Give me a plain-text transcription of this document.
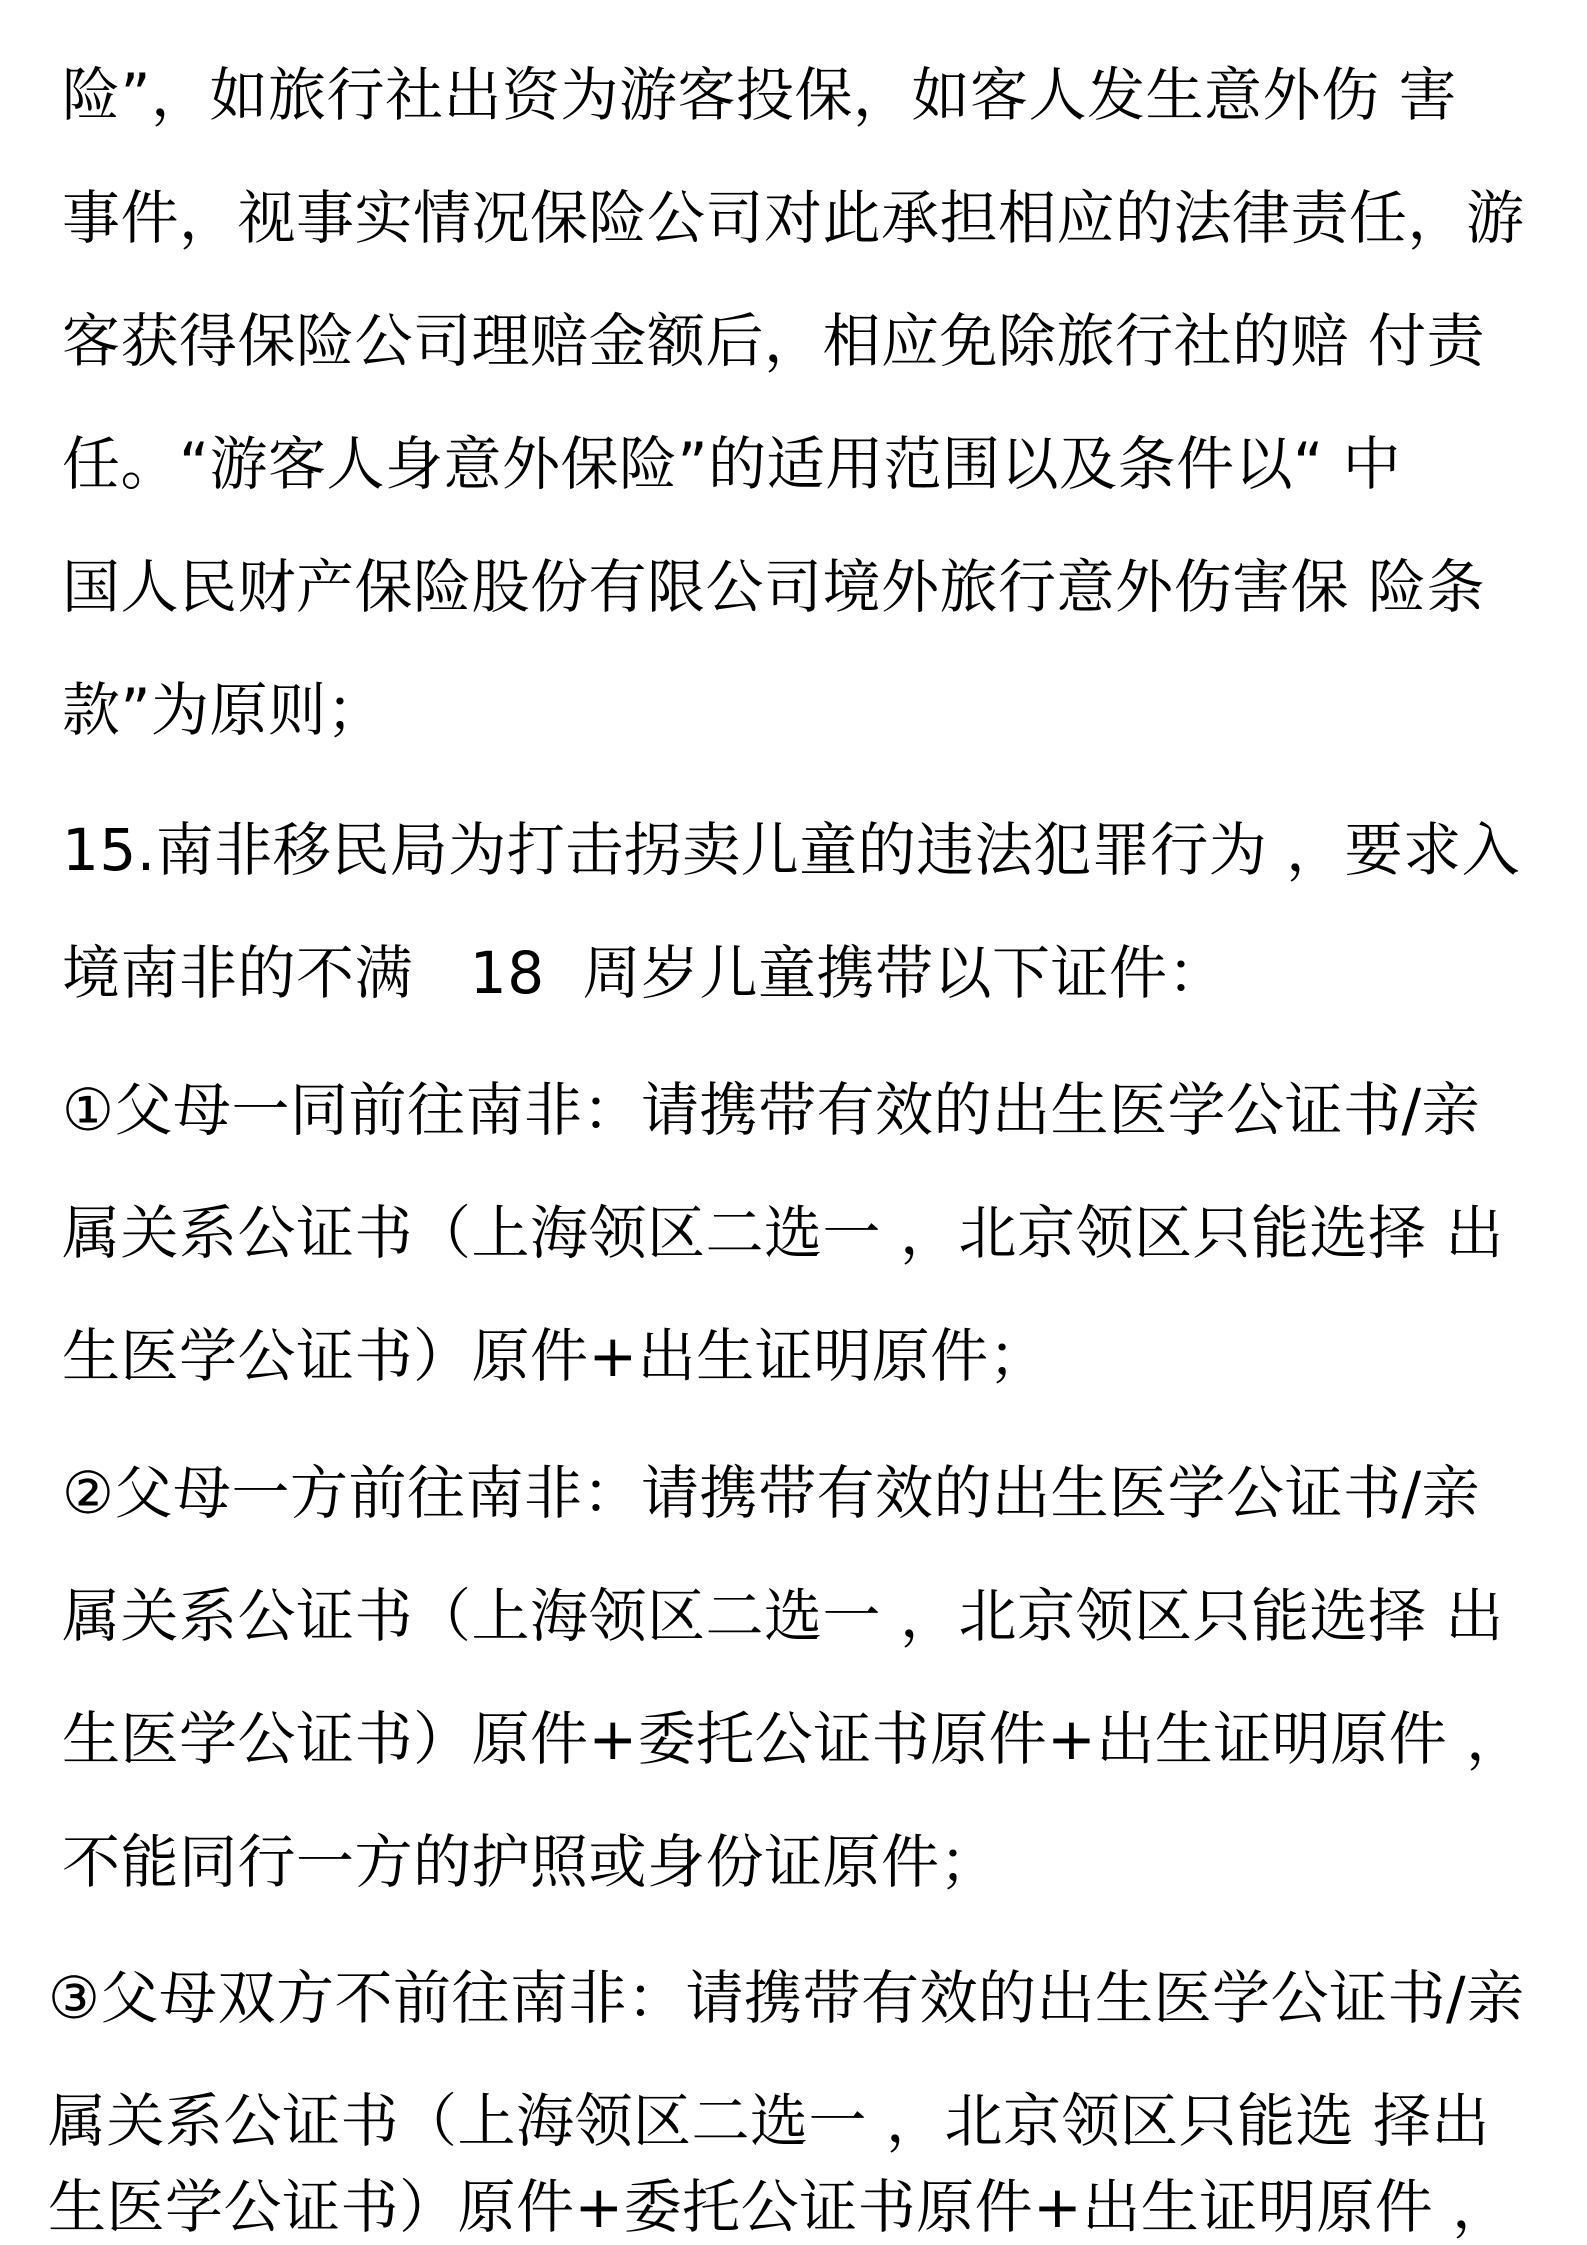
险”，如旅行社出资为游客投保，如客人发生意外伤 害
事件，视事实情况保险公司对此承担相应的法律责任，游
客获得保险公司理赔金额后，相应免除旅行社的赔 付责
任。“游客人身意外保险”的适用范围以及条件以“ 中
国人民财产保险股份有限公司境外旅行意外伤害保 险条
款”为原则；
15.南非移民局为打击拐卖儿童的违法犯罪行为 ，要求入
境南非的不满   18  周岁儿童携带以下证件：
①父母一同前往南非：请携带有效的出生医学公证书/亲
属关系公证书（上海领区二选一 ，北京领区只能选择 出
生医学公证书）原件+出生证明原件；
②父母一方前往南非：请携带有效的出生医学公证书/亲
属关系公证书（上海领区二选一 ，北京领区只能选择 出
生医学公证书）原件+委托公证书原件+出生证明原件 ，
不能同行一方的护照或身份证原件；
③父母双方不前往南非：请携带有效的出生医学公证书/亲
属关系公证书（上海领区二选一 ，北京领区只能选 择出
生医学公证书）原件+委托公证书原件+出生证明原件 ，
